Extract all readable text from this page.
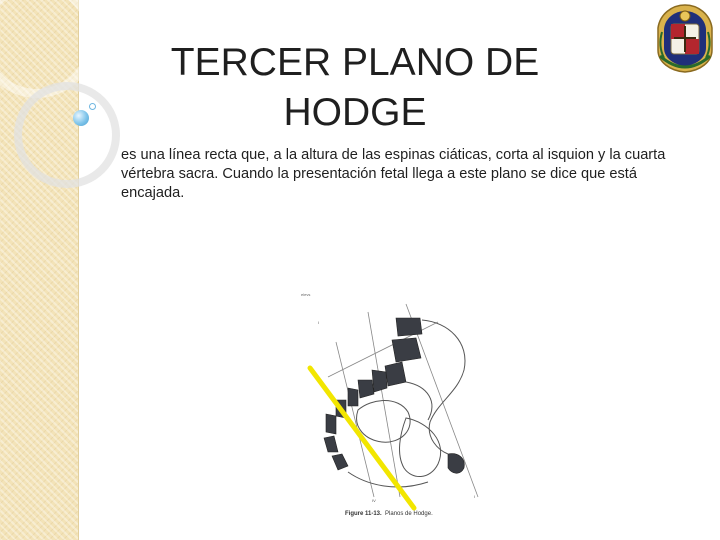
TERCER PLANO DE HODGE

es una línea recta que, a la altura de las espinas ciáticas, corta al isquion y la cuarta vértebra sacra. Cuando la presentación fetal llega a este plano se dice que está encajada.

I
IV
I
elevs
Figure 11-13. Planos de Hodge.
